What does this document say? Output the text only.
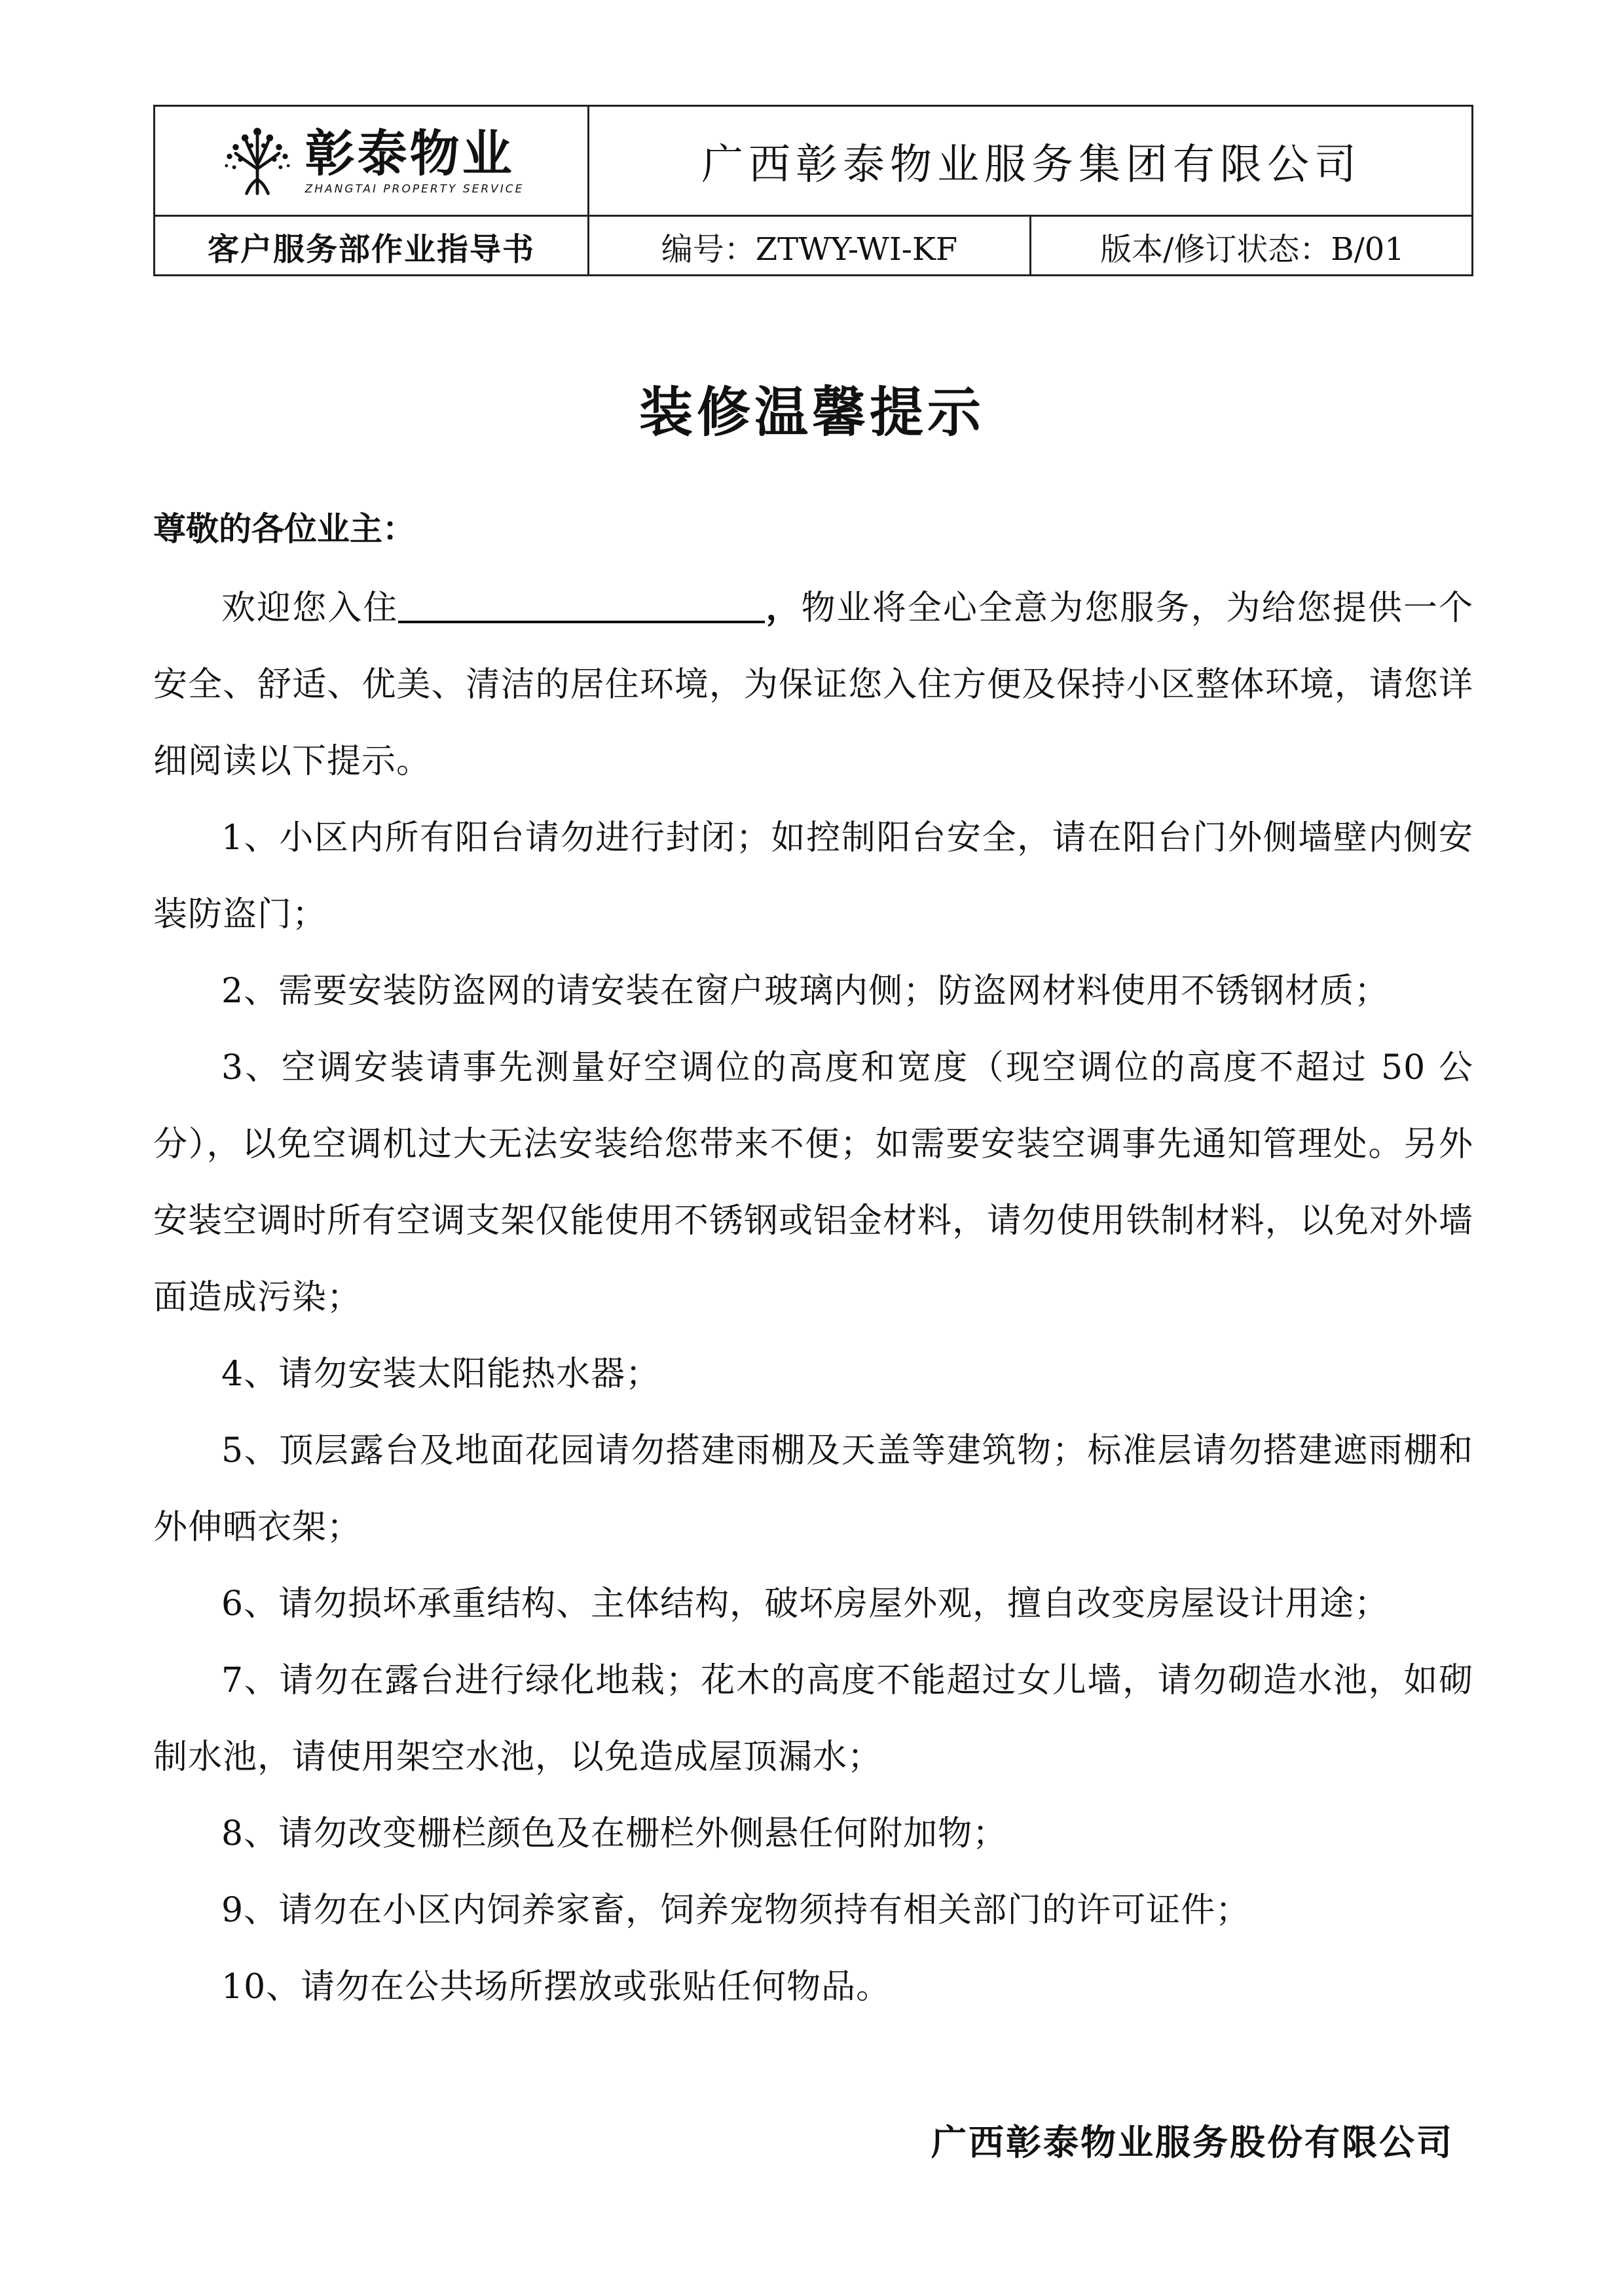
彰泰物业
ZHANGTAI PROPERTY SERVICE	广西彰泰物业服务集团有限公司
客户服务部作业指导书	编号：ZTWY-WI-KF	版本/修订状态：B/01
装修温馨提示
尊敬的各位业主：

欢迎您入住	，物业将全心全意为您服务，为给您提供一个安全、舒适、优美、清洁的居住环境，为保证您入住方便及保持小区整体环境，请您详细阅读以下提示。

1、小区内所有阳台请勿进行封闭；如控制阳台安全，请在阳台门外侧墙壁内侧安装防盗门；

2、需要安装防盗网的请安装在窗户玻璃内侧；防盗网材料使用不锈钢材质；

3、空调安装请事先测量好空调位的高度和宽度（现空调位的高度不超过 50 公分），以免空调机过大无法安装给您带来不便；如需要安装空调事先通知管理处。另外安装空调时所有空调支架仅能使用不锈钢或铝金材料，请勿使用铁制材料，以免对外墙面造成污染；

4、请勿安装太阳能热水器；

5、顶层露台及地面花园请勿搭建雨棚及天盖等建筑物；标准层请勿搭建遮雨棚和外伸晒衣架；

6、请勿损坏承重结构、主体结构，破坏房屋外观，擅自改变房屋设计用途；

7、请勿在露台进行绿化地栽；花木的高度不能超过女儿墙，请勿砌造水池，如砌制水池，请使用架空水池，以免造成屋顶漏水；

8、请勿改变栅栏颜色及在栅栏外侧悬任何附加物；

9、请勿在小区内饲养家畜，饲养宠物须持有相关部门的许可证件；

10、请勿在公共场所摆放或张贴任何物品。

广西彰泰物业服务股份有限公司
